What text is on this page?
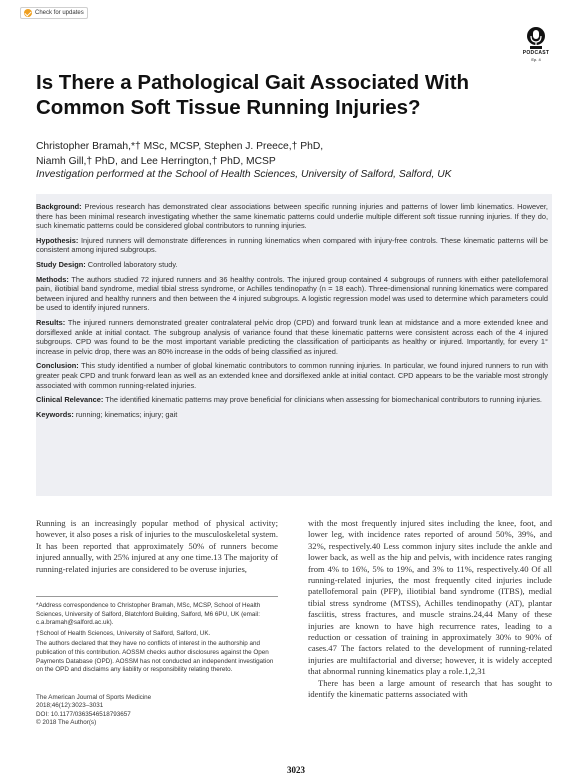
Check for updates
PODCAST
Ep. 4
Is There a Pathological Gait Associated With Common Soft Tissue Running Injuries?
Christopher Bramah,*† MSc, MCSP, Stephen J. Preece,† PhD,
Niamh Gill,† PhD, and Lee Herrington,† PhD, MCSP
Investigation performed at the School of Health Sciences, University of Salford, Salford, UK

Background: Previous research has demonstrated clear associations between specific running injuries and patterns of lower limb kinematics. However, there has been minimal research investigating whether the same kinematic patterns could underlie multiple different soft tissue running injuries. If they do, such kinematic patterns could be considered global contributors to running injuries.

Hypothesis: Injured runners will demonstrate differences in running kinematics when compared with injury-free controls. These kinematic patterns will be consistent among injured subgroups.

Study Design: Controlled laboratory study.

Methods: The authors studied 72 injured runners and 36 healthy controls. The injured group contained 4 subgroups of runners with either patellofemoral pain, iliotibial band syndrome, medial tibial stress syndrome, or Achilles tendinopathy (n = 18 each). Three-dimensional running kinematics were compared between injured and healthy runners and then between the 4 injured subgroups. A logistic regression model was used to determine which parameters could be used to identify injured runners.

Results: The injured runners demonstrated greater contralateral pelvic drop (CPD) and forward trunk lean at midstance and a more extended knee and dorsiflexed ankle at initial contact. The subgroup analysis of variance found that these kinematic patterns were consistent across each of the 4 injured subgroups. CPD was found to be the most important variable predicting the classification of participants as healthy or injured. Importantly, for every 1° increase in pelvic drop, there was an 80% increase in the odds of being classified as injured.

Conclusion: This study identified a number of global kinematic contributors to common running injuries. In particular, we found injured runners to run with greater peak CPD and trunk forward lean as well as an extended knee and dorsiflexed ankle at initial contact. CPD appears to be the variable most strongly associated with common running-related injuries.

Clinical Relevance: The identified kinematic patterns may prove beneficial for clinicians when assessing for biomechanical contributors to running injuries.

Keywords: running; kinematics; injury; gait

Running is an increasingly popular method of physical activity; however, it also poses a risk of injuries to the musculoskeletal system. It has been reported that approximately 50% of runners become injured annually, with 25% injured at any one time.13 The majority of running-related injuries are considered to be overuse injuries,

*Address correspondence to Christopher Bramah, MSc, MCSP, School of Health Sciences, University of Salford, Blatchford Building, Salford, M6 6PU, UK (email: c.a.bramah@salford.ac.uk).

†School of Health Sciences, University of Salford, Salford, UK.

The authors declared that they have no conflicts of interest in the authorship and publication of this contribution. AOSSM checks author disclosures against the Open Payments Database (OPD). AOSSM has not conducted an independent investigation on the OPD and disclaims any liability or responsibility relating thereto.

The American Journal of Sports Medicine
2018;46(12):3023–3031
DOI: 10.1177/0363546518793657
© 2018 The Author(s)

with the most frequently injured sites including the knee, foot, and lower leg, with incidence rates reported of around 50%, 39%, and 32%, respectively.40 Less common injury sites include the ankle and lower back, as well as the hip and pelvis, with incidence rates ranging from 4% to 16%, 5% to 19%, and 3% to 11%, respectively.40 Of all running-related injuries, the most frequently cited injuries include patellofemoral pain (PFP), iliotibial band syndrome (ITBS), medial tibial stress syndrome (MTSS), Achilles tendinopathy (AT), plantar fasciitis, stress fractures, and muscle strains.24,44 Many of these injuries are known to have high recurrence rates, leading to a reduction or cessation of training in approximately 30% to 90% of cases.47 The factors related to the development of running-related injuries are multifactorial and diverse; however, it is widely accepted that abnormal running kinematics play a role.1,2,31

There has been a large amount of research that has sought to identify the kinematic patterns associated with

3023
